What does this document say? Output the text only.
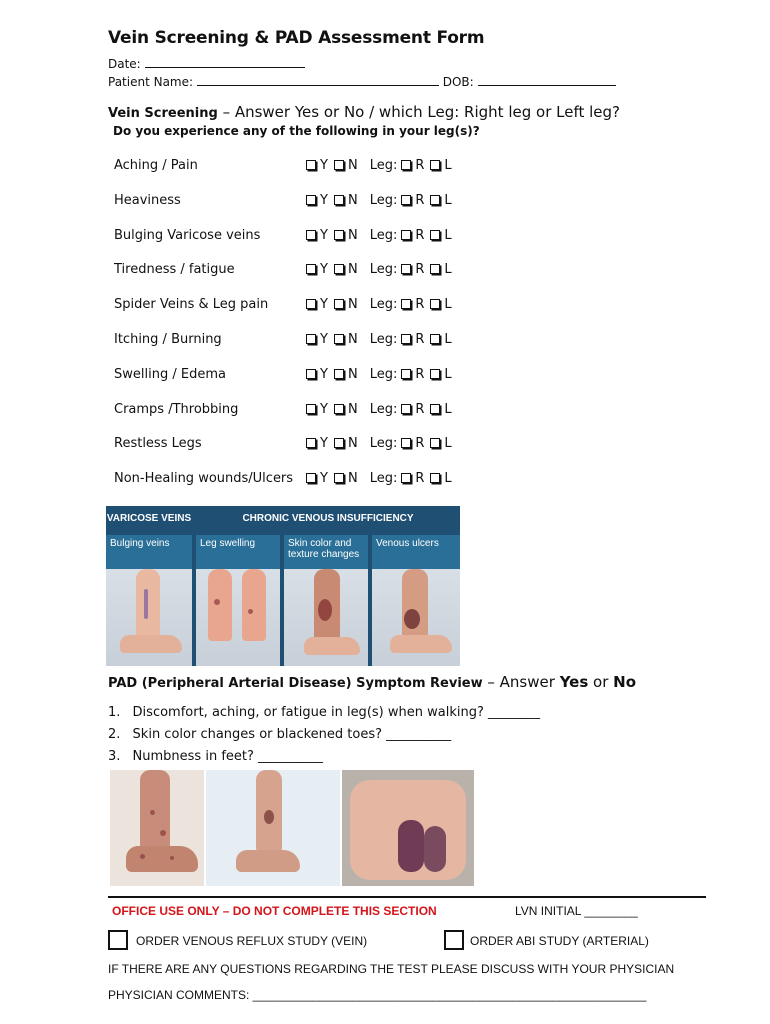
Vein Screening & PAD Assessment Form
Date:
Patient Name:	DOB:
Vein Screening – Answer Yes or No / which Leg: Right leg or Left leg?
Do you experience any of the following in your leg(s)?
Aching / Pain	Y N Leg: R L
Heaviness	Y N Leg: R L
Bulging Varicose veins	Y N Leg: R L
Tiredness / fatigue	Y N Leg: R L
Spider Veins & Leg pain	Y N Leg: R L
Itching / Burning	Y N Leg: R L
Swelling / Edema	Y N Leg: R L
Cramps /Throbbing	Y N Leg: R L
Restless Legs	Y N Leg: R L
Non-Healing wounds/Ulcers	Y N Leg: R L
VARICOSE VEINS	CHRONIC VENOUS INSUFFICIENCY
Bulging veins	Leg swelling	Skin color and texture changes
Venous ulcers
PAD (Peripheral Arterial Disease) Symptom Review – Answer Yes or No
1. Discomfort, aching, or fatigue in leg(s) when walking? ________
2. Skin color changes or blackened toes? __________
3. Numbness in feet? __________
OFFICE USE ONLY – DO NOT COMPLETE THIS SECTION	LVN INITIAL ________
ORDER VENOUS REFLUX STUDY (VEIN)	ORDER ABI STUDY (ARTERIAL)
IF THERE ARE ANY QUESTIONS REGARDING THE TEST PLEASE DISCUSS WITH YOUR PHYSICIAN
PHYSICIAN COMMENTS: ___________________________________________________________
